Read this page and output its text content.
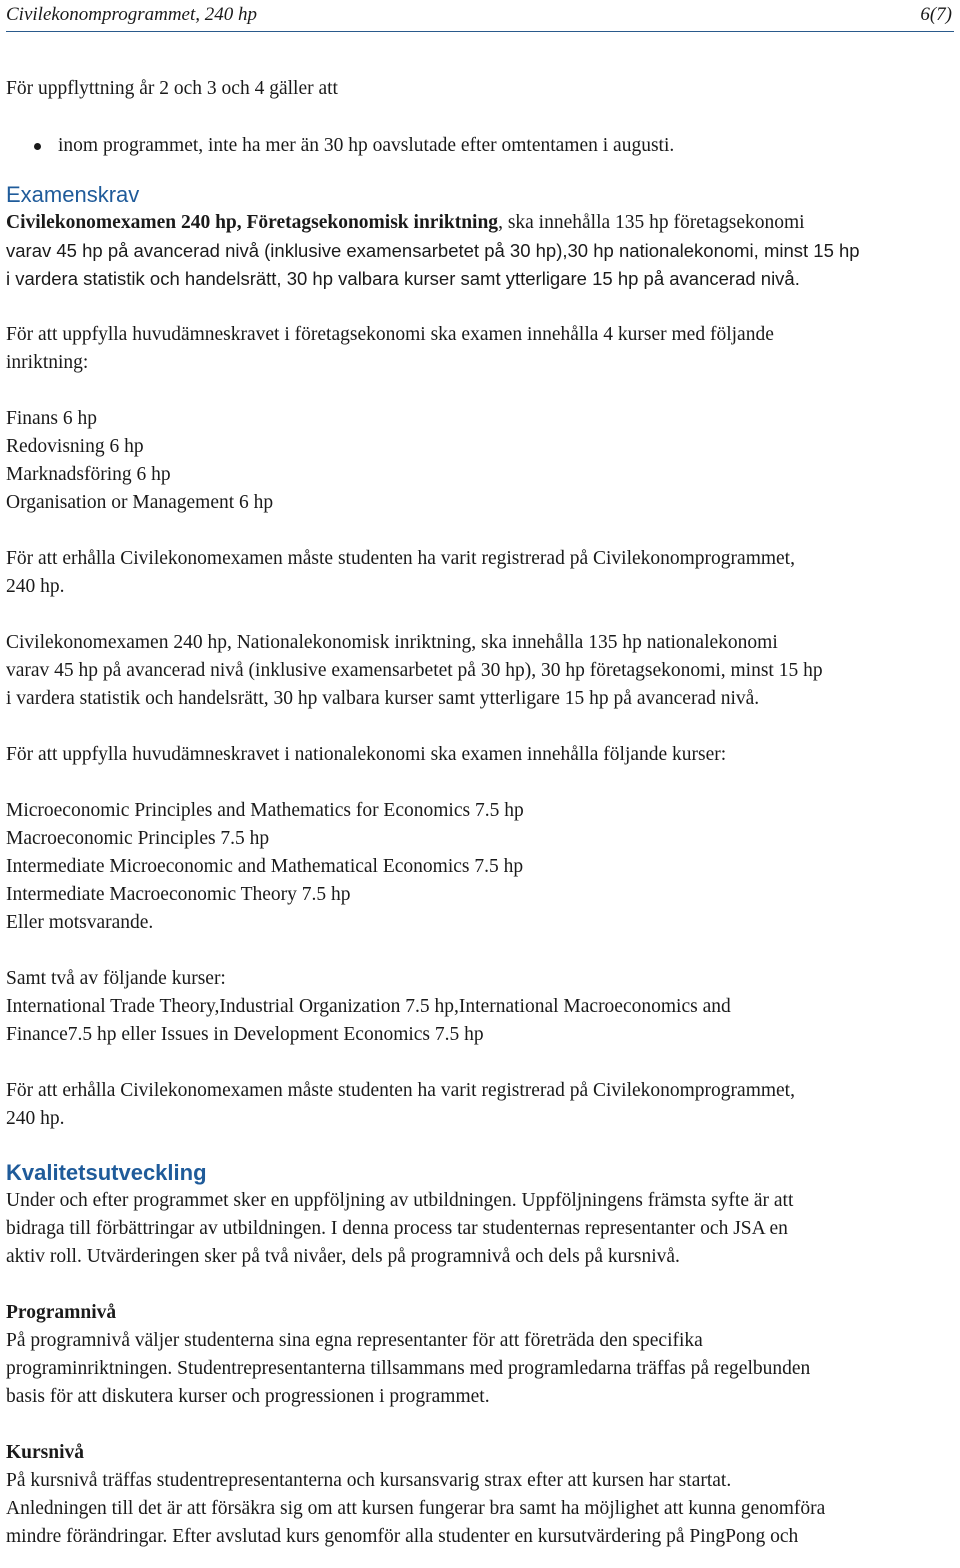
Civilekonomprogrammet, 240 hp	6(7)

För uppflyttning år 2 och 3 och 4 gäller att

inom programmet, inte ha mer än 30 hp oavslutade efter omtentamen i augusti.
Examenskrav

Civilekonomexamen 240 hp, Företagsekonomisk inriktning, ska innehålla 135 hp företagsekonomi

varav 45 hp på avancerad nivå (inklusive examensarbetet på 30 hp),30 hp nationalekonomi, minst 15 hp

i vardera statistik och handelsrätt, 30 hp valbara kurser samt ytterligare 15 hp på avancerad nivå.

För att uppfylla huvudämneskravet i företagsekonomi ska examen innehålla 4 kurser med följande

inriktning:

Finans 6 hp

Redovisning 6 hp

Marknadsföring 6 hp

Organisation or Management 6 hp

För att erhålla Civilekonomexamen måste studenten ha varit registrerad på Civilekonomprogrammet,

240 hp.

Civilekonomexamen 240 hp, Nationalekonomisk inriktning, ska innehålla 135 hp nationalekonomi

varav 45 hp på avancerad nivå (inklusive examensarbetet på 30 hp), 30 hp företagsekonomi, minst 15 hp

i vardera statistik och handelsrätt, 30 hp valbara kurser samt ytterligare 15 hp på avancerad nivå.

För att uppfylla huvudämneskravet i nationalekonomi ska examen innehålla följande kurser:

Microeconomic Principles and Mathematics for Economics 7.5 hp

Macroeconomic Principles 7.5 hp

Intermediate Microeconomic and Mathematical Economics 7.5 hp

Intermediate Macroeconomic Theory 7.5 hp

Eller motsvarande.

Samt två av följande kurser:

International Trade Theory,Industrial Organization 7.5 hp,International Macroeconomics and

Finance7.5 hp eller Issues in Development Economics 7.5 hp

För att erhålla Civilekonomexamen måste studenten ha varit registrerad på Civilekonomprogrammet,

240 hp.

Kvalitetsutveckling

Under och efter programmet sker en uppföljning av utbildningen. Uppföljningens främsta syfte är att

bidraga till förbättringar av utbildningen. I denna process tar studenternas representanter och JSA en

aktiv roll. Utvärderingen sker på två nivåer, dels på programnivå och dels på kursnivå.

Programnivå

På programnivå väljer studenterna sina egna representanter för att företräda den specifika

programinriktningen. Studentrepresentanterna tillsammans med programledarna träffas på regelbunden

basis för att diskutera kurser och progressionen i programmet.

Kursnivå

På kursnivå träffas studentrepresentanterna och kursansvarig strax efter att kursen har startat.

Anledningen till det är att försäkra sig om att kursen fungerar bra samt ha möjlighet att kunna genomföra

mindre förändringar. Efter avslutad kurs genomför alla studenter en kursutvärdering på PingPong och
